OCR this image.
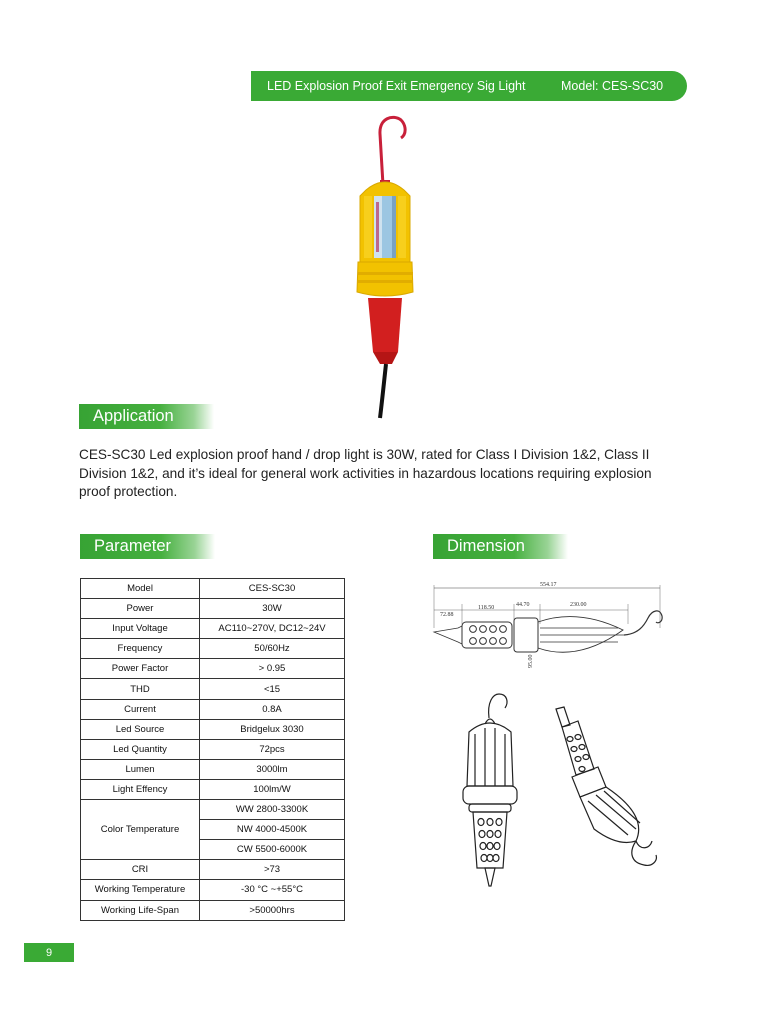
LED Explosion Proof Exit Emergency Sig Light	Model: CES-SC30
Application
CES-SC30 Led explosion proof hand / drop light is 30W, rated for Class I Division 1&2, Class II Division 1&2, and it’s ideal for general work activities in hazardous locations requiring explosion proof protection.
Parameter
Model	CES-SC30
Power	30W
Input Voltage	AC110~270V, DC12~24V
Frequency	50/60Hz
Power Factor	> 0.95
THD	<15
Current	0.8A
Led Source	Bridgelux 3030
Led Quantity	72pcs
Lumen	3000lm
Light Effency	100lm/W
Color Temperature	WW 2800-3300K
	NW 4000-4500K
	CW 5500-6000K
CRI	>73
Working Temperature	-30 °C ~+55°C
Working Life-Span	>50000hrs
Dimension
554.17
72.88
118.50	44.70	230.00
95.00
9
